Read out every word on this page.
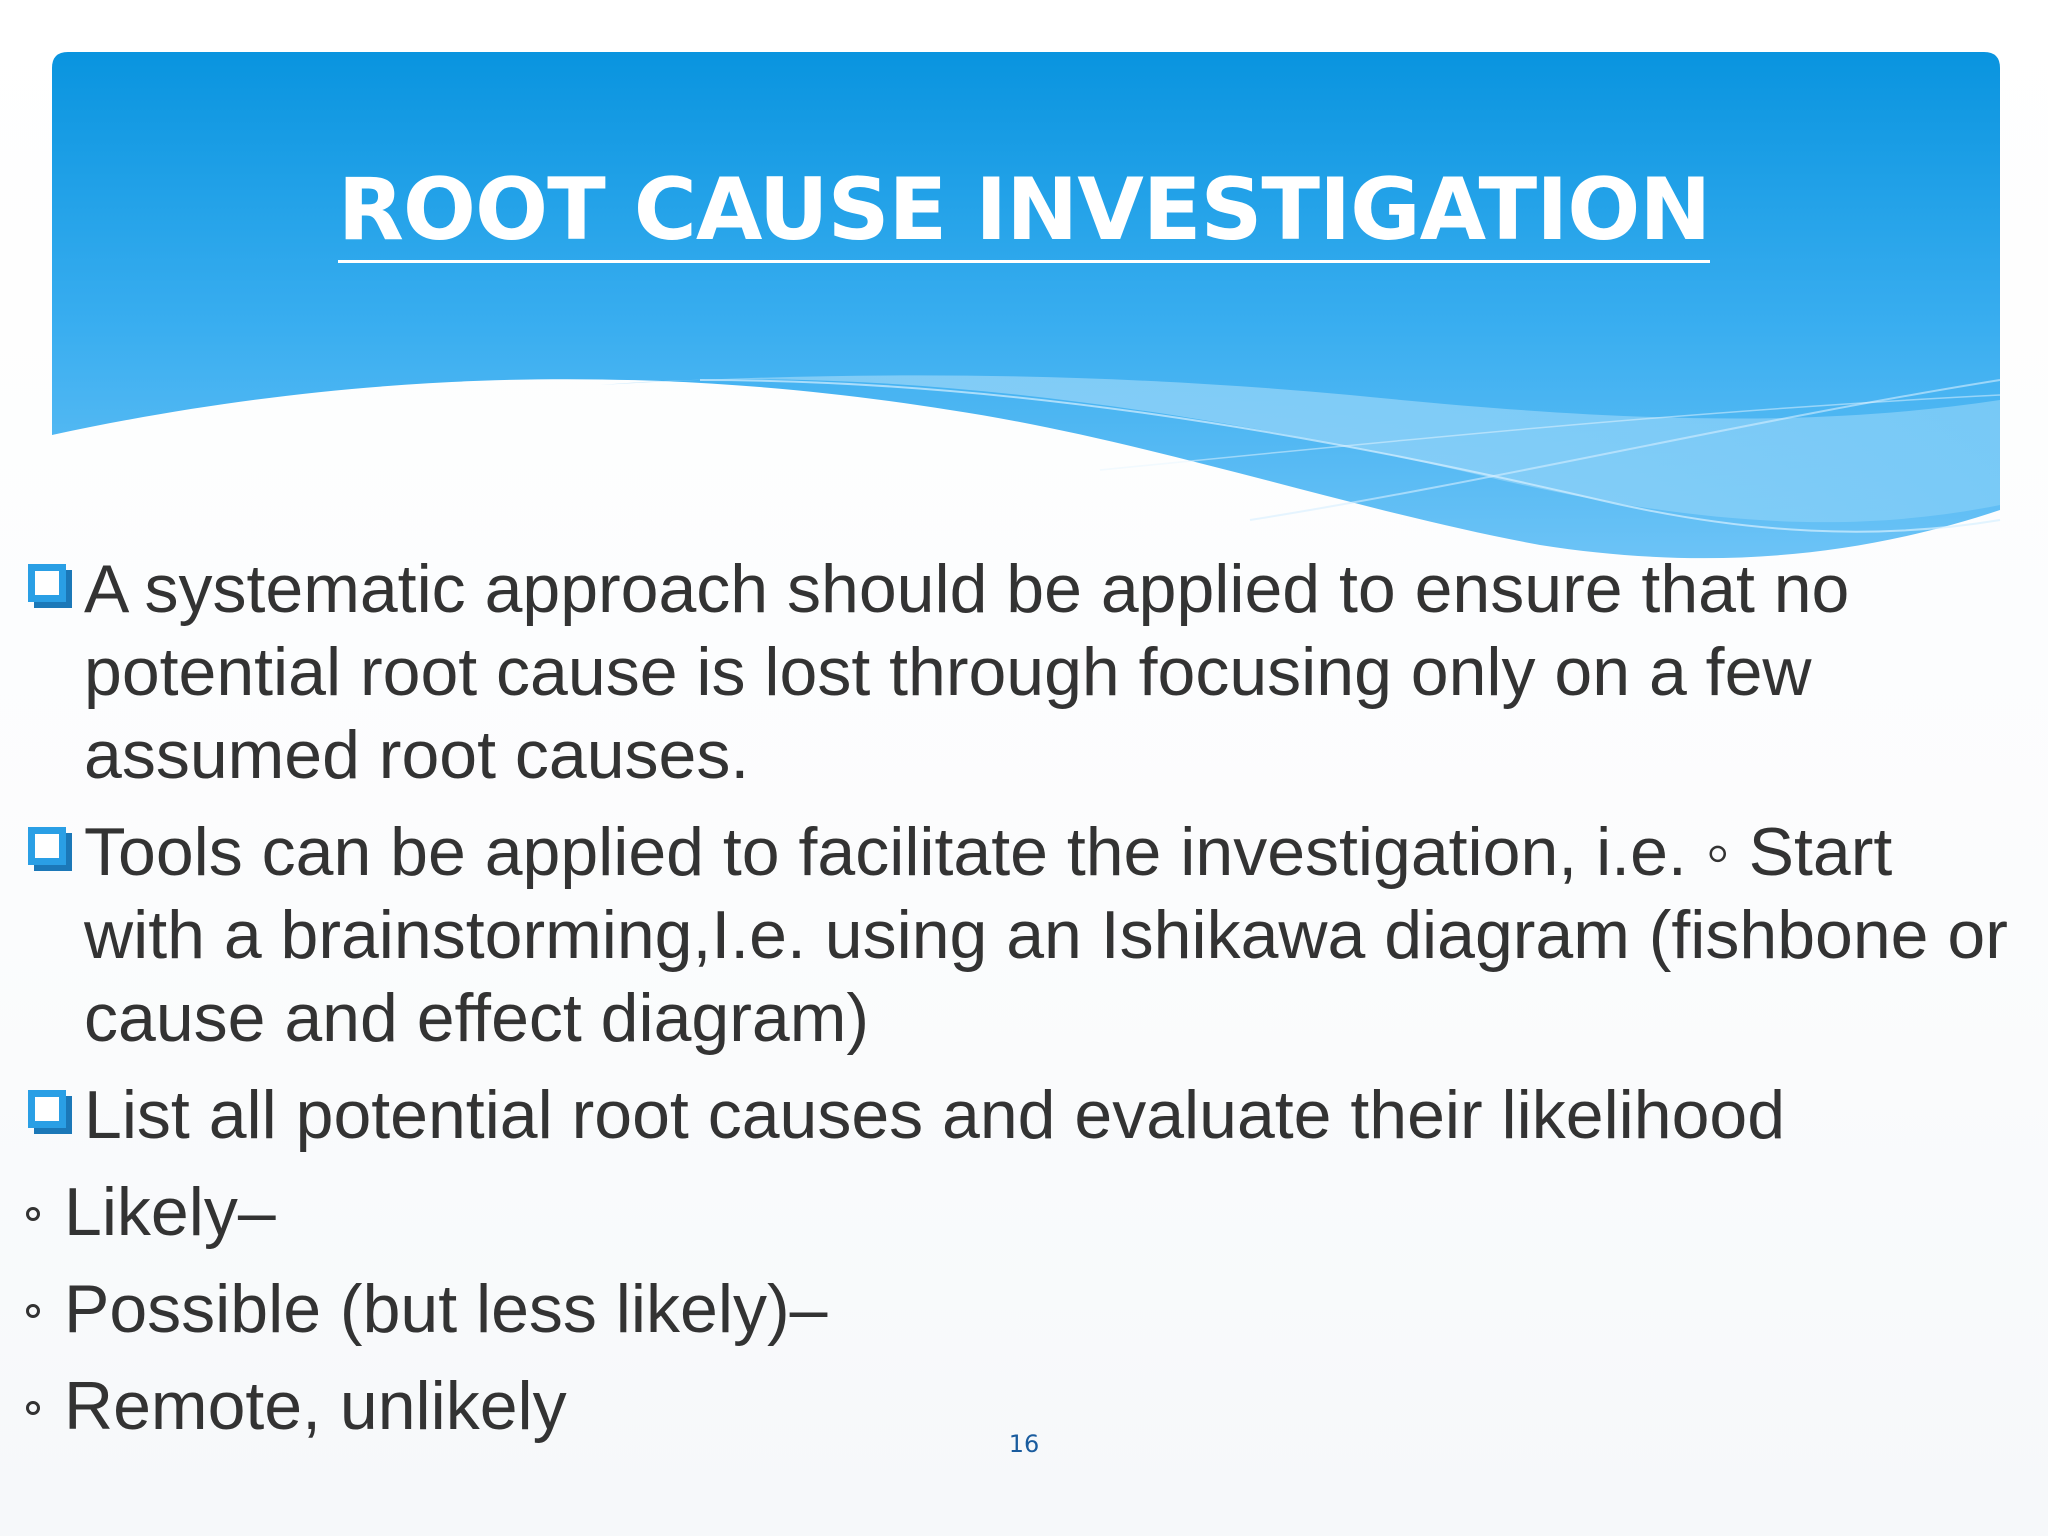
ROOT CAUSE INVESTIGATION
A systematic approach should be applied to ensure that no potential root cause is lost through focusing only on a few assumed root causes.
Tools can be applied to facilitate the investigation, i.e. ◦ Start with a brainstorming,I.e. using an Ishikawa diagram (fishbone or cause and effect diagram)
List all potential root causes and evaluate their likelihood
Likely–
Possible (but less likely)–
Remote, unlikely	16
